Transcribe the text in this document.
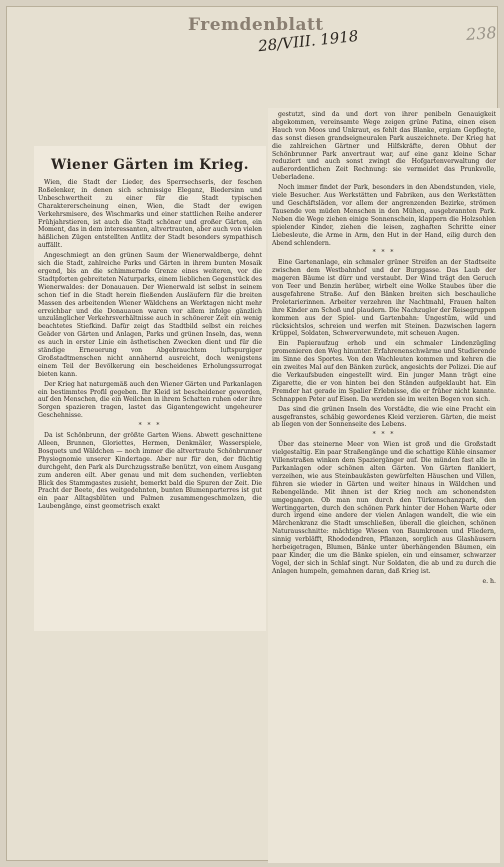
Fremdenblatt
28/VIII. 1918	238
Wiener Gärten im Krieg.

Wien, die Stadt der Lieder, des Sperrsechserls, der feschen Roßelenker, in denen sich schmissige Eleganz, Biedersinn und Unbeschwertheit zu einer für die Stadt typischen Charaktererscheinung einen, Wien, die Stadt der ewigen Verkehrsmisere, des Wischmarks und einer stattlichen Reihe anderer Frühjahrstieren, ist auch die Stadt schöner und großer Gärten, ein Moment, das in dem interessanten, altvertrauten, aber auch von vielen häßlichen Zügen entstellten Antlitz der Stadt besonders sympathisch auffällt.

Angeschmiegt an den grünen Saum der Wienerwaldberge, dehnt sich die Stadt, zahlreiche Parks und Gärten in ihrem bunten Mosaik ergend, bis an die schimmernde Grenze eines weiteren, vor die Stadtpforten gebreiteten Naturparks, einem lieblichen Gegenstück des Wienerwaldes: der Donauauen. Der Wienerwald ist selbst in seinem schon tief in die Stadt herein fließenden Ausläufern für die breiten Massen des arbeitenden Wiener Wäldchens an Werktagen nicht mehr erreichbar und die Donauauen waren vor allem infolge gänzlich unzulänglicher Verkehrsverhältnisse auch in schönerer Zeit ein wenig beachtetes Stiefkind. Dafür zeigt das Stadtbild selbst ein reiches Geäder von Gärten und Anlagen, Parks und grünen Inseln, das, wenn es auch in erster Linie ein ästhetischen Zwecken dient und für die ständige Erneuerung von Abgebrauchtem luftspurgiger Großstadtmenschen nicht annähernd ausreicht, doch wenigstens einem Teil der Bevölkerung ein bescheidenes Erholungssurrogat bieten kann.

Der Krieg hat naturgemäß auch den Wiener Gärten und Parkanlagen ein bestimmtes Profil gegeben. Ihr Kleid ist bescheidener geworden, auf den Menschen, die ein Weilchen in ihrem Schatten ruhen oder ihre Sorgen spazieren tragen, lastet das Gigantengewicht ungeheurer Geschehnisse.

* * *

Da ist Schönbrunn, der größte Garten Wiens. Abwett geschnittene Alleen, Brunnen, Gloriettes, Hermen, Denkmäler, Wasserspiele, Bosquets und Wäldchen — noch immer die altvertraute Schönbrunner Physiognomie unserer Kindertage. Aber nur für den, der flüchtig durchgeht, den Park als Durchzugsstraße benützt, von einem Ausgang zum anderen eilt. Aber genau und mit dem suchenden, verliebten Blick des Stammgastes zusieht, bemerkt bald die Spuren der Zeit. Die Pracht der Beete, des weitgedehnten, bunten Blumenparterres ist gut ein paar Alltagsblüten und Palmen zusammengeschmolzen, die Laubengänge, einst geometrisch exakt

gestutzt, sind da und dort von ihrer penibeln Genauigkeit abgekommen, vereinsamte Wege zeigen grüne Patina, einen eisen Hauch von Moos und Unkraut, es fehlt das Blanke, ergiam Gepflegte, das sonst diesen grandseigneuralen Park auszeichnete. Der Krieg hat die zahlreichen Gärtner und Hilfskräfte, deren Obhut der Schönbrunner Park anvertraut war, auf eine ganz kleine Schar reduziert und auch sonst zwingt die Hofgartenverwaltung der außerordentlichen Zeit Rechnung: sie vermeidet das Prunkvolle, Ueberladene.

Noch immer findet der Park, besonders in den Abendstunden, viele, viele Besucher. Aus Werkstätten und Fabriken, aus den Werkstätten und Geschäftsläden, vor allem der angrenzenden Bezirke, strömen Tausende von müden Menschen in den Mühen, ausgebrannten Park. Neben die Wege ziehen einige Sonnenschein, klappern die Holzsohlen spielender Kinder, ziehen die leisen, zaghaften Schritte einer Liebesleute, die Arme in Arm, den Hut in der Hand, eilig durch den Abend schlendern.

* * *

Eine Gartenanlage, ein schmaler grüner Streifen an der Stadtseite zwischen dem Westbahnhof und der Burggasse. Das Laub der mageren Bäume ist dürr und verstaubt. Der Wind trägt den Geruch von Teer und Benzin herüber, wirbelt eine Wolke Staubes über die ausgefahrene Straße. Auf den Bänken breiten sich beschauliche Proletarierinnen. Arbeiter verzehren ihr Nachtmahl, Frauen halten ihre Kinder am Schoß und plaudern. Die Nachzugler der Reisegruppen kommen aus der Spiel- und Gartenbahn: Ungestüm, wild und rücksichtslos, schreien und werfen mit Steinen. Dazwischen lagern Krüppel, Soldaten, Schwerverwundete, mit scheuen Augen.

Ein Papieraufzug erhob und ein schmaler Lindenzügling promenieren den Weg hinunter. Erfahrenenschwärme und Studierende im Sinne des Sportes. Von den Wachleuten kommen und kehren die ein zweites Mal auf den Bänken zurück, angesichts der Polizei. Die auf die Verkaufsbuden eingestellt wird. Ein junger Mann trägt eine Zigarette, die er von hinten bei den Ständen aufgeklaubt hat. Ein Fremder hat gerade im Spalier Erlebnisse, die er früher nicht kannte. Schnappen Peter auf Eisen. Da werden sie im weiten Bogen von sich.

Das sind die grünen Inseln des Vorstädte, die wie eine Pracht ein ausgefranstes, schäbig gewordenes Kleid verzieren. Gärten, die meist ab liegen von der Sonnenseite des Lebens.

* * *

Über das steinerne Meer von Wien ist groß und die Großstadt vielgestaltig. Ein paar Straßengänge und die schattige Kühle einsamer Villenstraßen winken dem Spaziergänger auf. Die münden fast alle in Parkanlagen oder schönen alten Gärten. Von Gärten flankiert, verzeihen, wie aus Steinbaukästen gewürfelten Häuschen und Villen, führen sie wieder in Gärten und weiter hinaus in Wäldchen und Rebengelände. Mit ihnen ist der Krieg noch am schonendsten umgegangen. Ob man nun durch den Türkenschanzpark, den Wertinggarten, durch den schönen Park hinter der Hohen Warte oder durch irgend eine andere der vielen Anlagen wandelt, die wie ein Märchenkranz die Stadt umschließen, überall die gleichen, schönen Naturausschnitte: mächtige Wiesen von Baumkronen und Fliedern, sinnig verbläfft, Rhododendren, Pflanzen, sorglich aus Glashäusern herbeigetragen, Blumen, Bänke unter überhängenden Bäumen, ein paar Kinder, die um die Bänke spielen, ein und einsamer, schwarzer Vogel, der sich in Schlaf singt. Nur Soldaten, die ab und zu durch die Anlagen humpeln, gemahnen daran, daß Krieg ist.

e. h.
